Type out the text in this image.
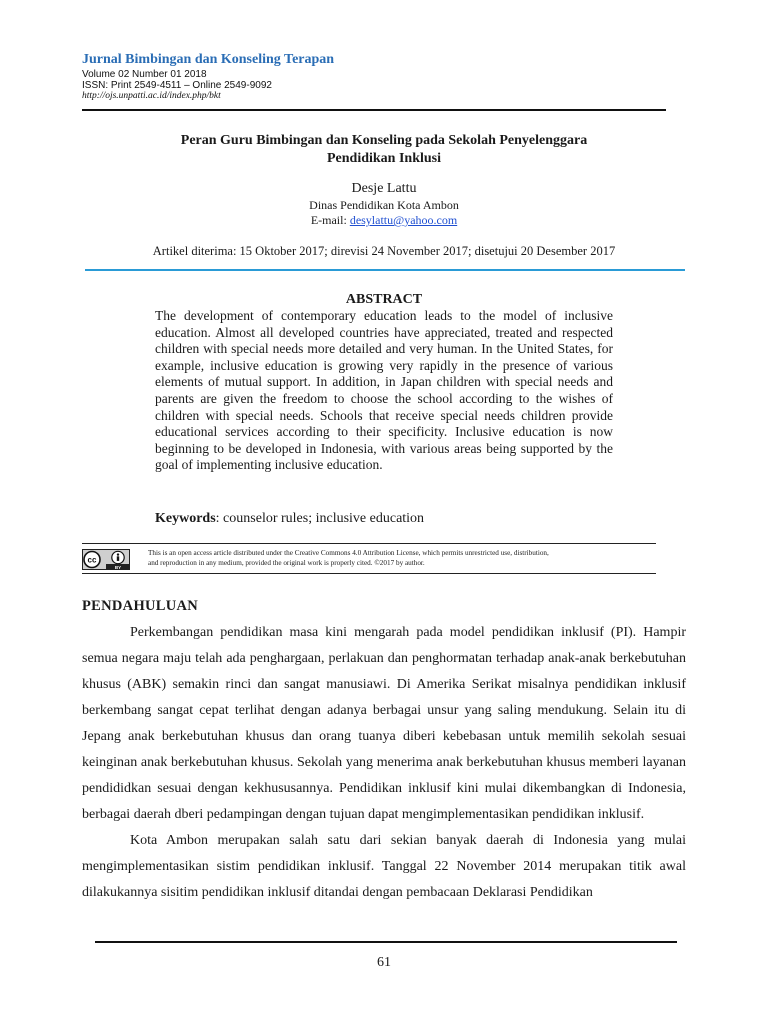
Jurnal Bimbingan dan Konseling Terapan
Volume 02 Number 01 2018
ISSN: Print 2549-4511 – Online 2549-9092
http://ojs.unpatti.ac.id/index.php/bkt
Peran Guru Bimbingan dan Konseling pada Sekolah Penyelenggara
Pendidikan Inklusi
Desje Lattu
Dinas Pendidikan Kota Ambon
E-mail: desylattu@yahoo.com
Artikel diterima: 15 Oktober 2017; direvisi 24 November 2017; disetujui 20 Desember 2017
ABSTRACT
The development of contemporary education leads to the model of inclusive education. Almost all developed countries have appreciated, treated and respected children with special needs more detailed and very human. In the United States, for example, inclusive education is growing very rapidly in the presence of various elements of mutual support. In addition, in Japan children with special needs and parents are given the freedom to choose the school according to the wishes of children with special needs. Schools that receive special needs children provide educational services according to their specificity. Inclusive education is now beginning to be developed in Indonesia, with various areas being supported by the goal of implementing inclusive education.
Keywords: counselor rules; inclusive education
cc
BY
This is an open access article distributed under the Creative Commons 4.0 Attribution License, which permits unrestricted use, distribution,
and reproduction in any medium, provided the original work is properly cited. ©2017 by author.
PENDAHULUAN

Perkembangan pendidikan masa kini mengarah pada model pendidikan inklusif (PI). Hampir semua negara maju telah ada penghargaan, perlakuan dan penghormatan terhadap anak-anak berkebutuhan khusus (ABK) semakin rinci dan sangat manusiawi. Di Amerika Serikat misalnya pendidikan inklusif berkembang sangat cepat terlihat dengan adanya berbagai unsur yang saling mendukung. Selain itu di Jepang anak berkebutuhan khusus dan orang tuanya diberi kebebasan untuk memilih sekolah sesuai keinginan anak berkebutuhan khusus. Sekolah yang menerima anak berkebutuhan khusus memberi layanan pendididkan sesuai dengan kekhususannya. Pendidikan inklusif kini mulai dikembangkan di Indonesia, berbagai daerah dberi pedampingan dengan tujuan dapat mengimplementasikan pendidikan inklusif.

Kota Ambon merupakan salah satu dari sekian banyak daerah di Indonesia yang mulai mengimplementasikan sistim pendidikan inklusif. Tanggal 22 November 2014 merupakan titik awal dilakukannya sisitim pendidikan inklusif ditandai dengan pembacaan Deklarasi Pendidikan

61
